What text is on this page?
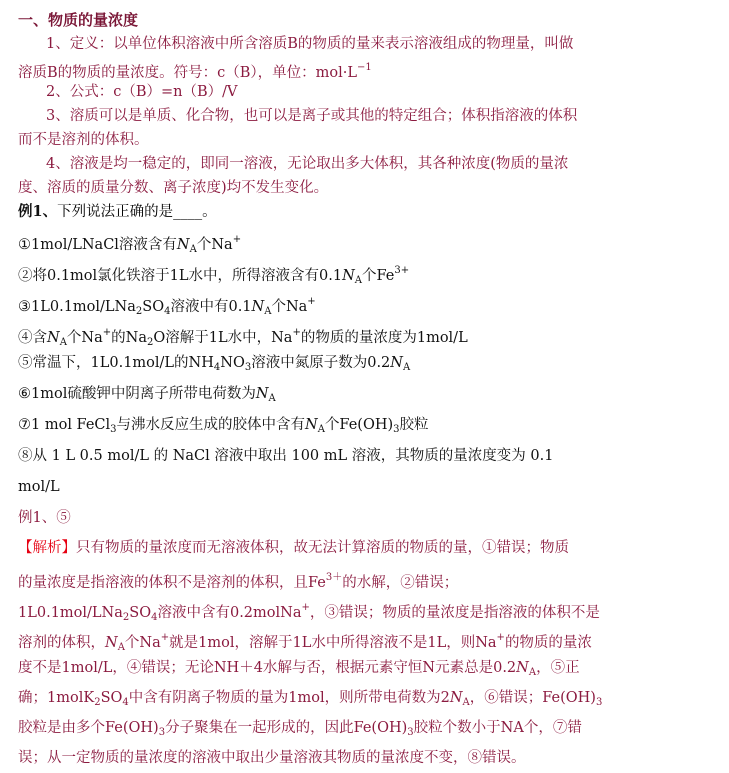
一、物质的量浓度
1、定义：以单位体积溶液中所含溶质B的物质的量来表示溶液组成的物理量，叫做
溶质B的物质的量浓度。符号：c（B），单位：$mol\cdot L^{-1}$
2、公式：c（B）=n（B）/V
3、溶质可以是单质、化合物，也可以是离子或其他的特定组合；体积指溶液的体积
而不是溶剂的体积。
4、溶液是均一稳定的，即同一溶液，无论取出多大体积，其各种浓度(物质的量浓
度、溶质的质量分数、离子浓度)均不发生变化。
例1、下列说法正确的是____。
①1mol/LNaCl溶液含有$N_A$个Na+
②将0.1mol氯化铁溶于1L水中，所得溶液含有$0.1N_A$个$Fe^{3+}$
$③1L0.1mol/LNa_2SO_4$溶液中有$0.1N_A$个Na+
④含$N_A$个Na+的$Na_2O$溶解于1L水中，Na+的物质的量浓度为1mol/L
⑤常温下，1L0.1mol/L的$NH_4NO_3$溶液中氮原子数为$0.2N_A$
⑥1mol硫酸钾中阴离子所带电荷数为$N_A$
⑦1 mol FeCl$_3$与沸水反应生成的胶体中含有$N_A$个$Fe(OH)_3$胶粒
⑧从 1 L 0.5 mol/L 的 NaCl 溶液中取出 100 mL 溶液，其物质的量浓度变为 0.1
mol/L
例1、⑤
【解析】只有物质的量浓度而无溶液体积，故无法计算溶质的物质的量，①错误；物质
的量浓度是指溶液的体积不是溶剂的体积，且$Fe^{3+}$的水解，②错误；
$1L0.1mol/LNa_2SO_4$溶液中含有0.2molNa+，③错误；物质的量浓度是指溶液的体积不是
溶剂的体积，$N_A$个Na+就是1mol，溶解于1L水中所得溶液不是1L，则Na+的物质的量浓
度不是1mol/L，④错误；无论NH＋4水解与否，根据元素守恒N元素总是$0.2N_A$，⑤正
确；$1molK_2SO_4$中含有阴离子物质的量为1mol，则所带电荷数为$2N_A$，⑥错误；$Fe(OH)_3$
胶粒是由多个$Fe(OH)_3$分子聚集在一起形成的，因此$Fe(OH)_3$胶粒个数小于NA个，⑦错
误；从一定物质的量浓度的溶液中取出少量溶液其物质的量浓度不变，⑧错误。
